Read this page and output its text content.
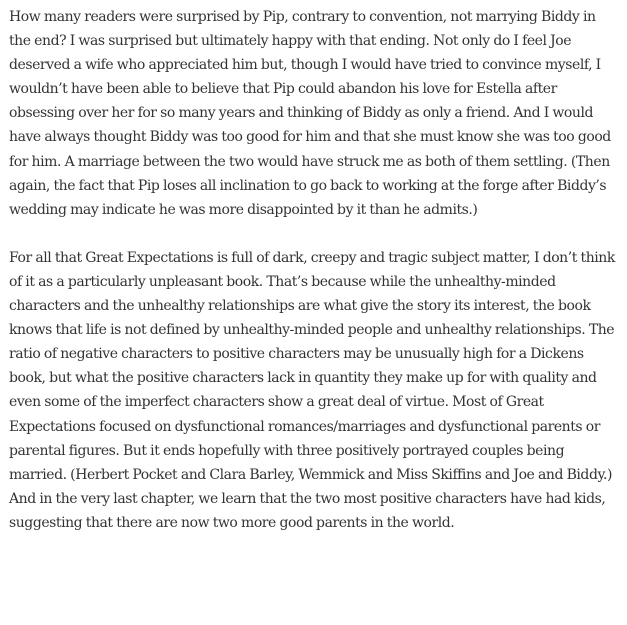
How many readers were surprised by Pip, contrary to convention, not marrying Biddy in the end? I was surprised but ultimately happy with that ending. Not only do I feel Joe deserved a wife who appreciated him but, though I would have tried to convince myself, I wouldn’t have been able to believe that Pip could abandon his love for Estella after obsessing over her for so many years and thinking of Biddy as only a friend. And I would have always thought Biddy was too good for him and that she must know she was too good for him. A marriage between the two would have struck me as both of them settling. (Then again, the fact that Pip loses all inclination to go back to working at the forge after Biddy’s wedding may indicate he was more disappointed by it than he admits.)

For all that Great Expectations is full of dark, creepy and tragic subject matter, I don’t think of it as a particularly unpleasant book. That’s because while the unhealthy-minded characters and the unhealthy relationships are what give the story its interest, the book knows that life is not defined by unhealthy-minded people and unhealthy relationships. The ratio of negative characters to positive characters may be unusually high for a Dickens book, but what the positive characters lack in quantity they make up for with quality and even some of the imperfect characters show a great deal of virtue. Most of Great Expectations focused on dysfunctional romances/marriages and dysfunctional parents or parental figures. But it ends hopefully with three positively portrayed couples being married. (Herbert Pocket and Clara Barley, Wemmick and Miss Skiffins and Joe and Biddy.) And in the very last chapter, we learn that the two most positive characters have had kids, suggesting that there are now two more good parents in the world.
